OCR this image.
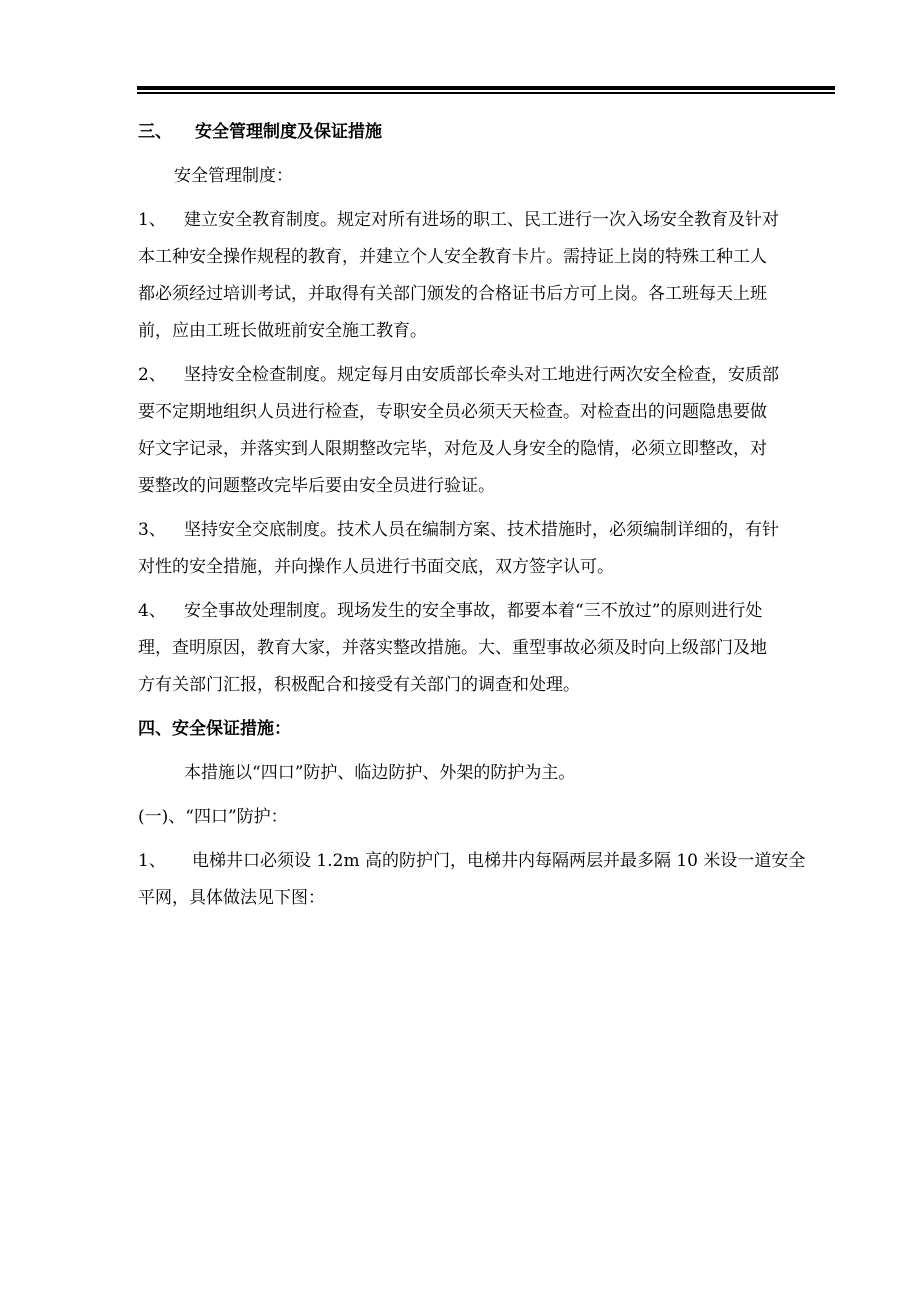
三、 安全管理制度及保证措施
安全管理制度：
1、 建立安全教育制度。规定对所有进场的职工、民工进行一次入场安全教育及针对
本工种安全操作规程的教育，并建立个人安全教育卡片。需持证上岗的特殊工种工人
都必须经过培训考试，并取得有关部门颁发的合格证书后方可上岗。各工班每天上班
前，应由工班长做班前安全施工教育。
2、 坚持安全检查制度。规定每月由安质部长牵头对工地进行两次安全检查，安质部
要不定期地组织人员进行检查，专职安全员必须天天检查。对检查出的问题隐患要做
好文字记录，并落实到人限期整改完毕，对危及人身安全的隐情，必须立即整改，对
要整改的问题整改完毕后要由安全员进行验证。
3、 坚持安全交底制度。技术人员在编制方案、技术措施时，必须编制详细的，有针
对性的安全措施，并向操作人员进行书面交底，双方签字认可。
4、 安全事故处理制度。现场发生的安全事故，都要本着“三不放过”的原则进行处
理，查明原因，教育大家，并落实整改措施。大、重型事故必须及时向上级部门及地
方有关部门汇报，积极配合和接受有关部门的调查和处理。
四、安全保证措施：
本措施以“四口”防护、临边防护、外架的防护为主。
(一)、“四口”防护：
1、 电梯井口必须设 1.2m 高的防护门，电梯井内每隔两层并最多隔 10 米设一道安全
平网，具体做法见下图：
